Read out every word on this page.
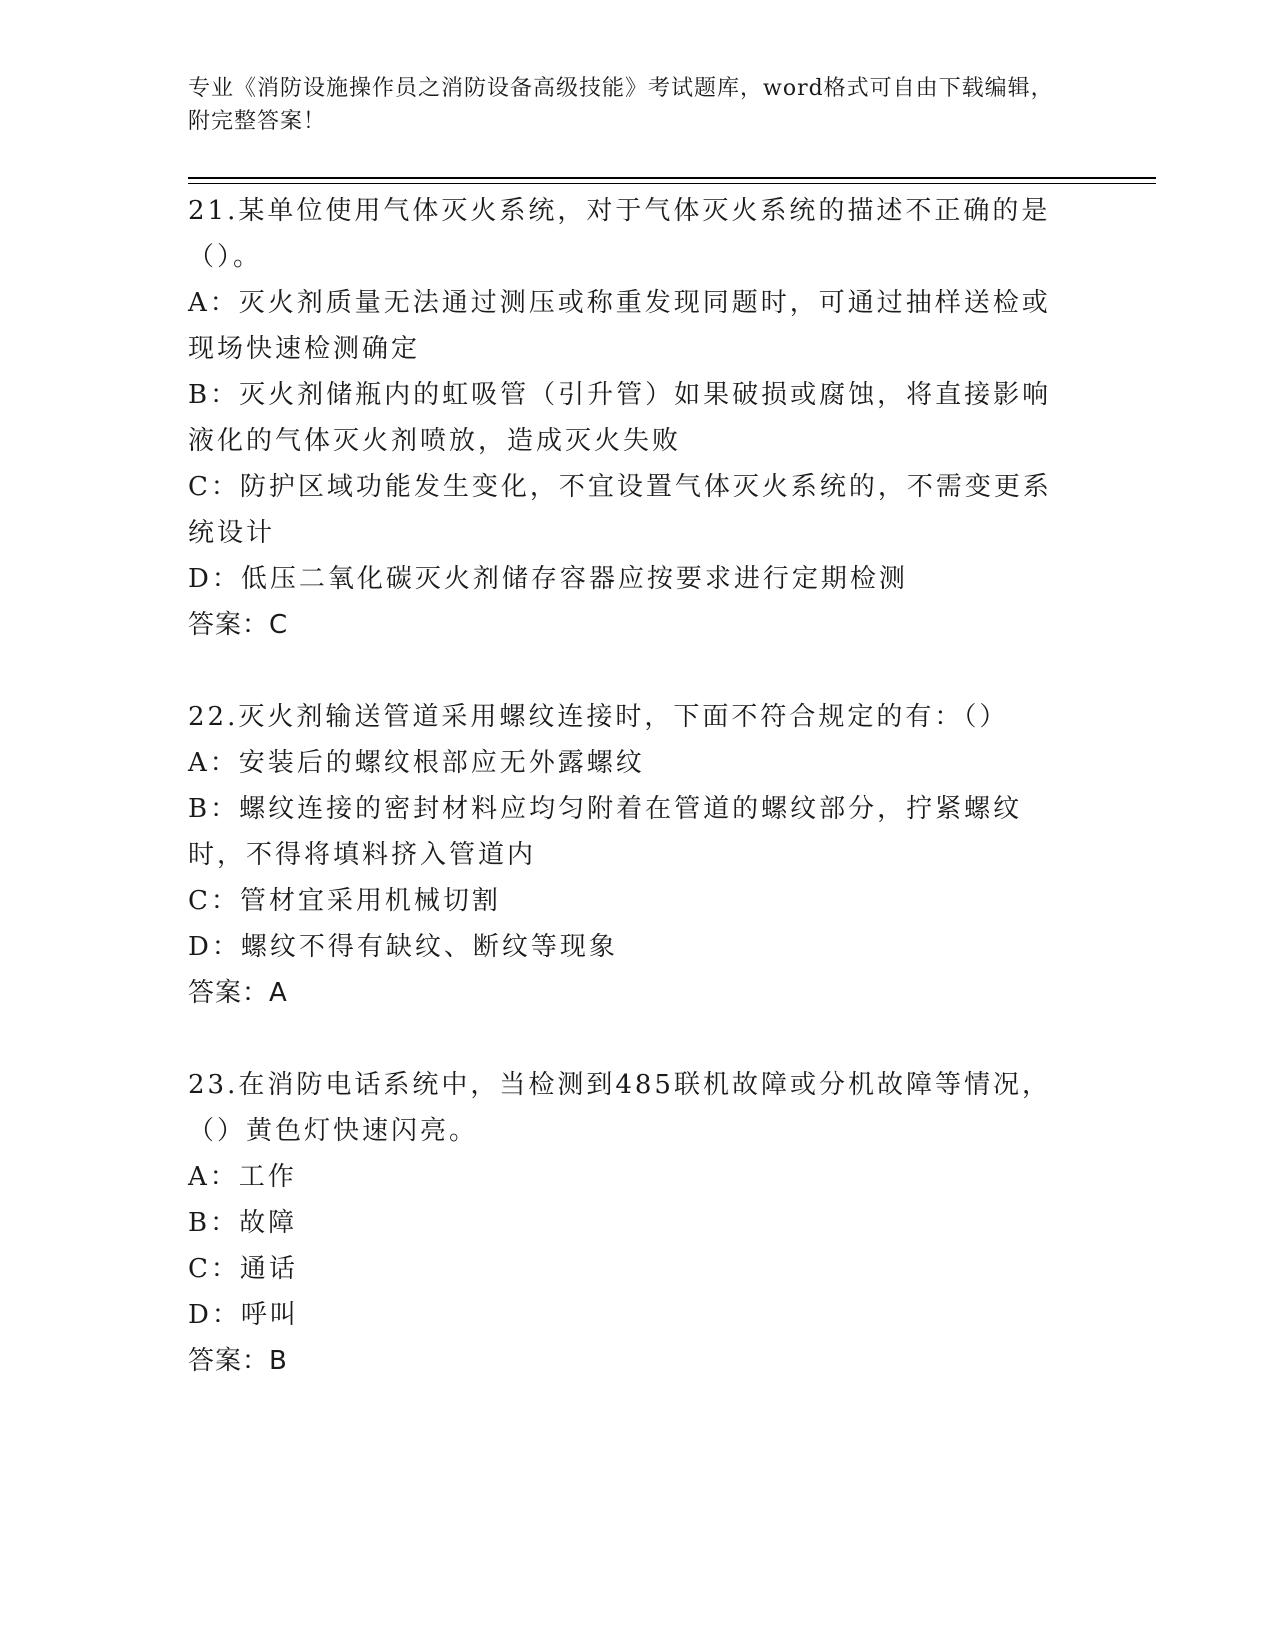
专业《消防设施操作员之消防设备高级技能》考试题库，word格式可自由下载编辑，附完整答案！
21.某单位使用气体灭火系统，对于气体灭火系统的描述不正确的是（）。
A：灭火剂质量无法通过测压或称重发现同题时，可通过抽样送检或现场快速检测确定
B：灭火剂储瓶内的虹吸管（引升管）如果破损或腐蚀，将直接影响液化的气体灭火剂喷放，造成灭火失败
C：防护区域功能发生变化，不宜设置气体灭火系统的，不需变更系统设计
D：低压二氧化碳灭火剂储存容器应按要求进行定期检测
答案：C
22.灭火剂输送管道采用螺纹连接时，下面不符合规定的有：（）
A：安装后的螺纹根部应无外露螺纹
B：螺纹连接的密封材料应均匀附着在管道的螺纹部分，拧紧螺纹时，不得将填料挤入管道内
C：管材宜采用机械切割
D：螺纹不得有缺纹、断纹等现象
答案：A
23.在消防电话系统中，当检测到485联机故障或分机故障等情况，（）黄色灯快速闪亮。
A：工作
B：故障
C：通话
D：呼叫
答案：B
